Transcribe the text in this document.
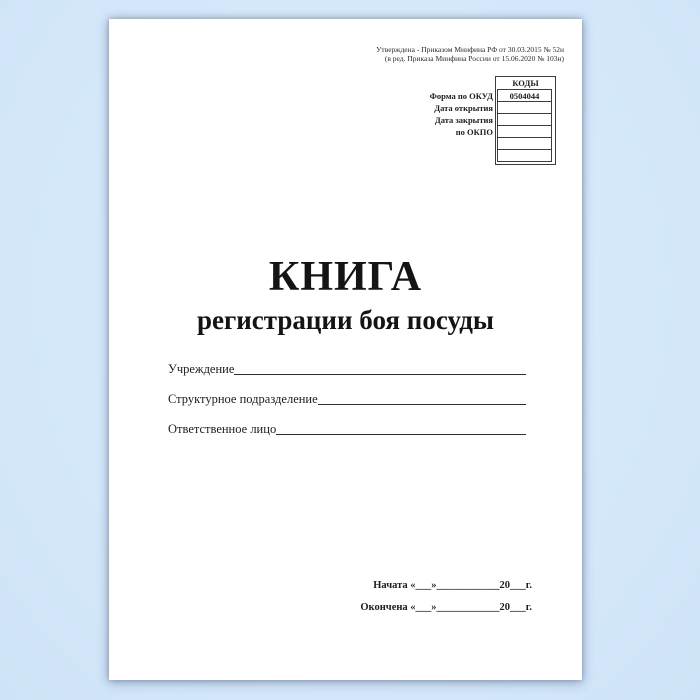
Утверждена - Приказом Минфина РФ от 30.03.2015 № 52н
(в ред. Приказа Минфина России от 15.06.2020 № 103н)
Форма по ОКУД
Дата открытия
Дата закрытия
по ОКПО
КОДЫ
0504044
КНИГА
регистрации боя посуды
Учреждение
Структурное подразделение
Ответственное лицо
Начата «___»____________20___г.
Окончена «___»____________20___г.
